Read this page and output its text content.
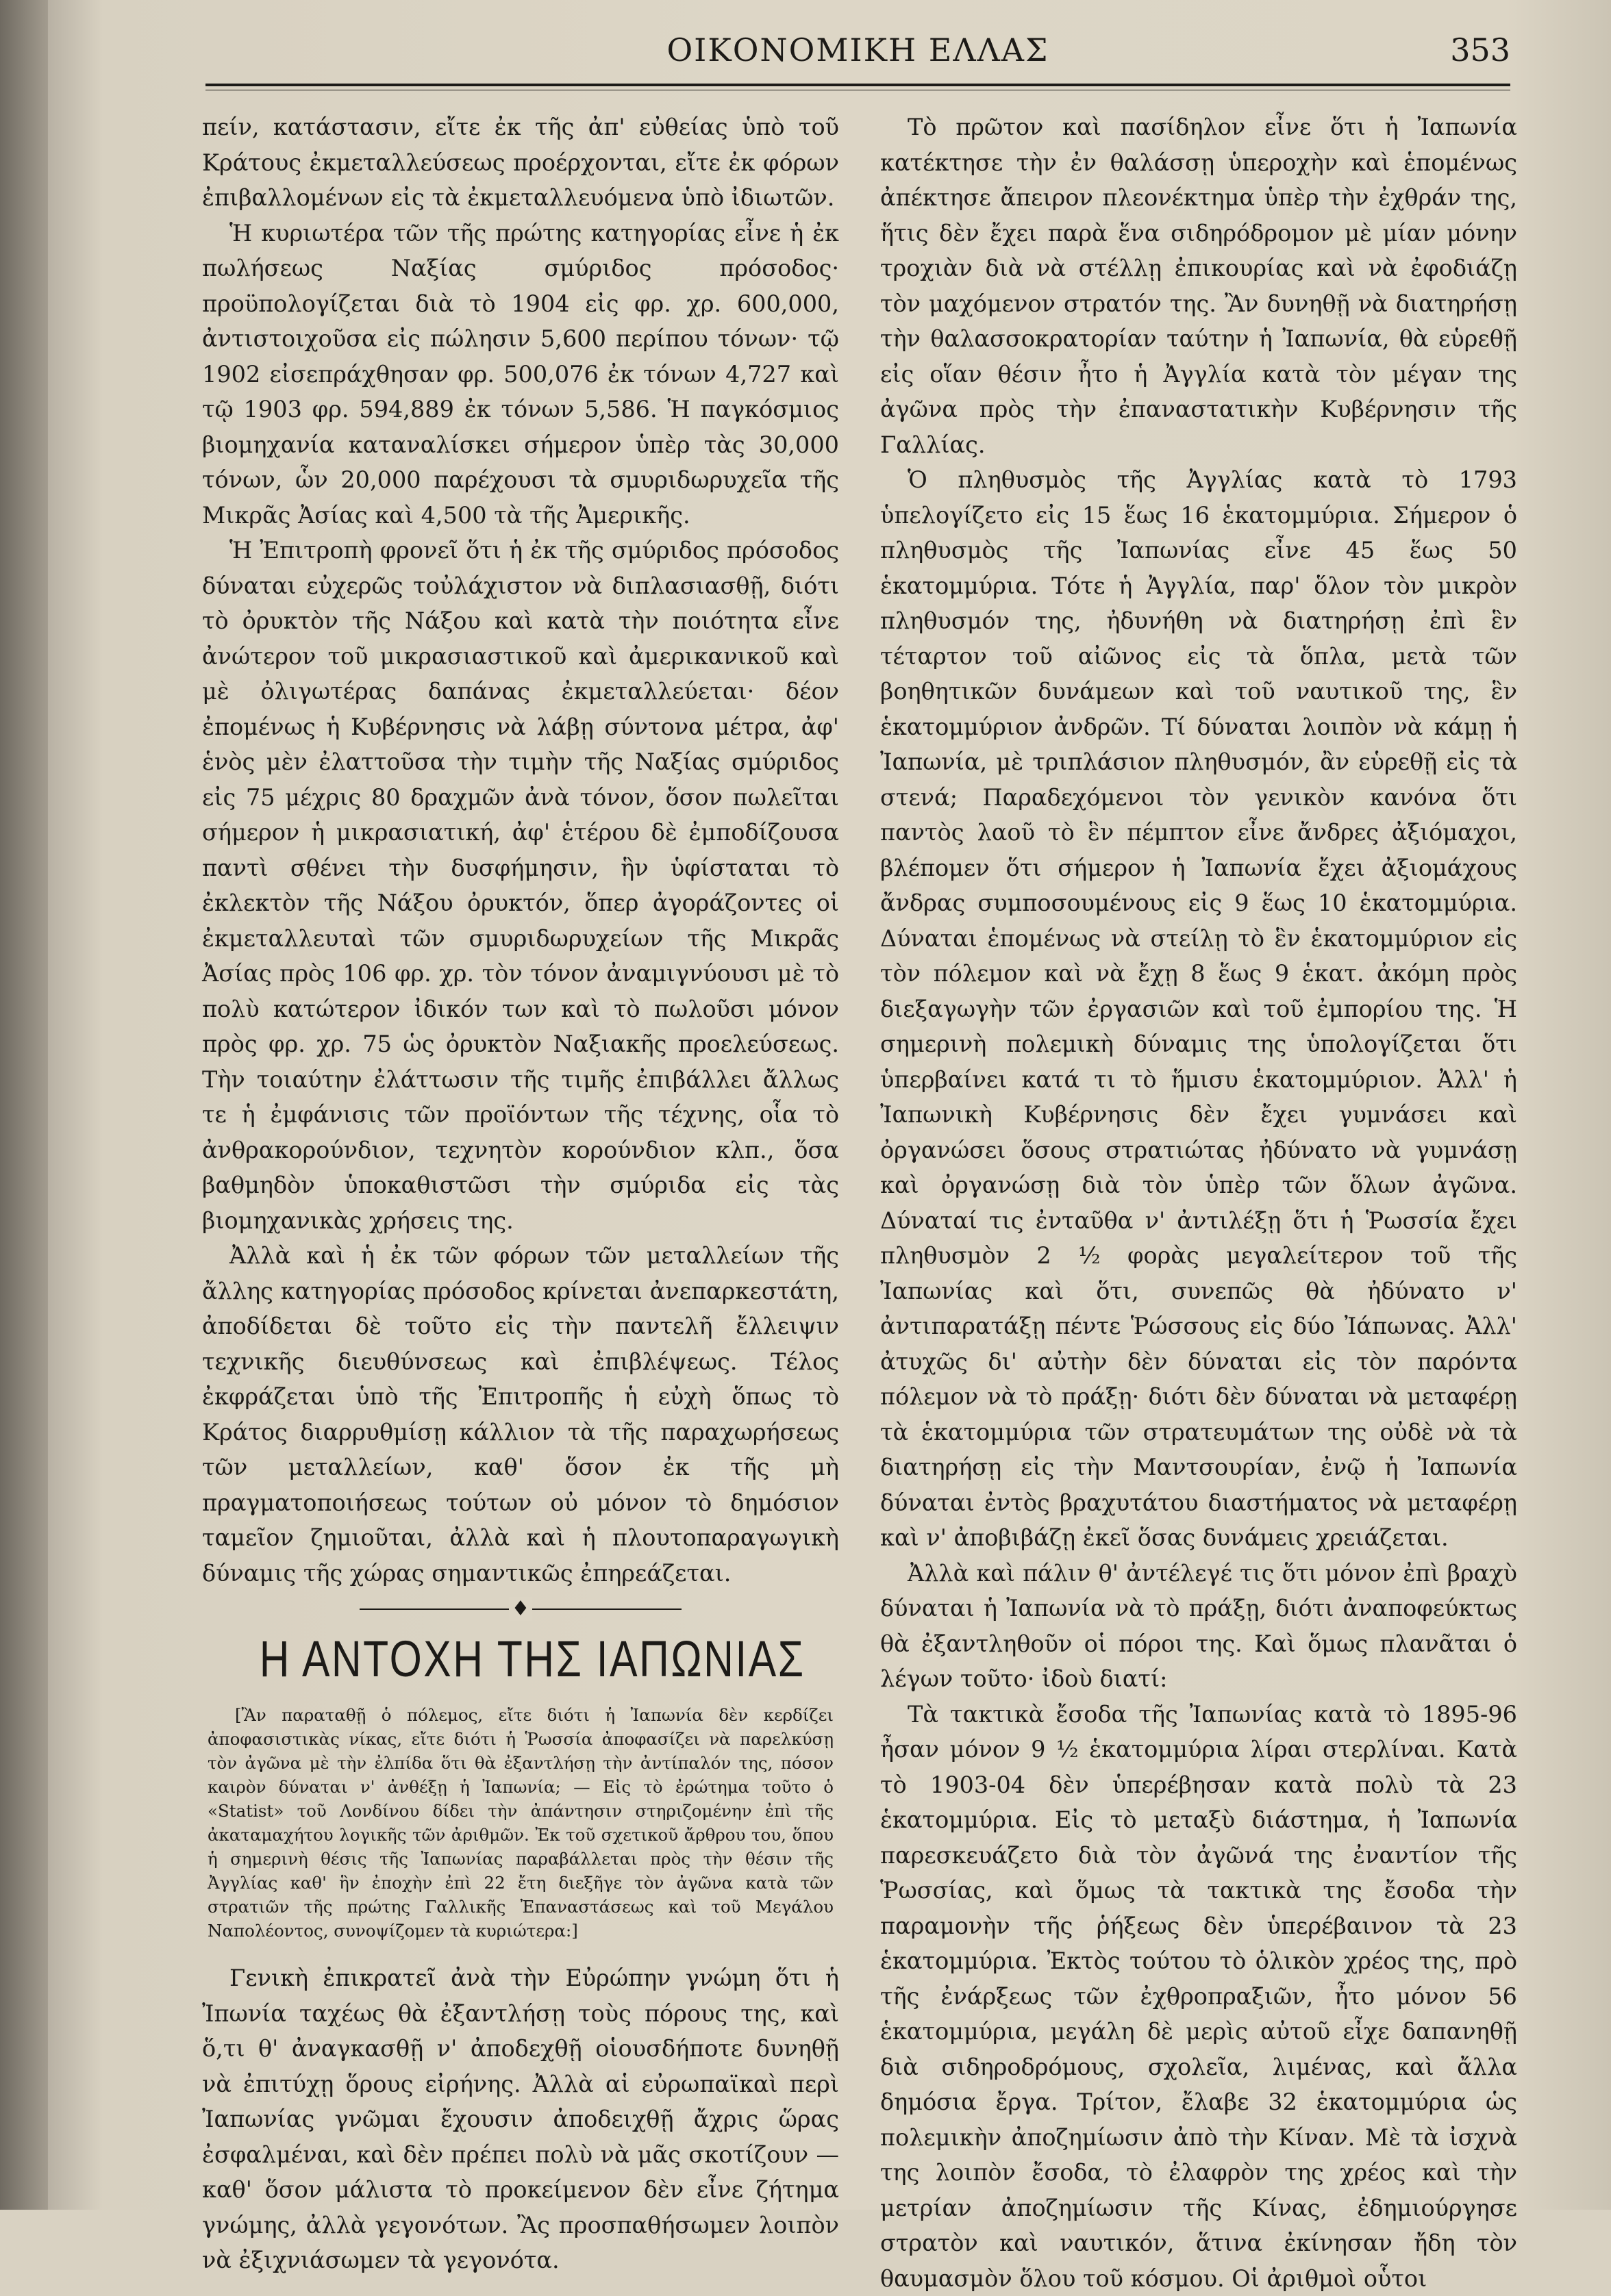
ΟΙΚΟΝΟΜΙΚΗ ΕΛΛΑΣ	353

πείν, κατάστασιν, εἴτε ἐκ τῆς ἀπ' εὐθείας ὑπὸ τοῦ Κράτους ἐκμεταλλεύσεως προέρχονται, εἴτε ἐκ φόρων ἐπιβαλλομένων εἰς τὰ ἐκμεταλλευόμενα ὑπὸ ἰδιωτῶν.

Ἡ κυριωτέρα τῶν τῆς πρώτης κατηγορίας εἶνε ἡ ἐκ πωλήσεως Ναξίας σμύριδος πρόσοδος· προϋπολογίζεται διὰ τὸ 1904 εἰς φρ. χρ. 600,000, ἀντιστοιχοῦσα εἰς πώλησιν 5,600 περίπου τόνων· τῷ 1902 εἰσεπράχθησαν φρ. 500,076 ἐκ τόνων 4,727 καὶ τῷ 1903 φρ. 594,889 ἐκ τόνων 5,586. Ἡ παγκόσμιος βιομηχανία καταναλίσκει σήμερον ὑπὲρ τὰς 30,000 τόνων, ὧν 20,000 παρέχουσι τὰ σμυριδωρυχεῖα τῆς Μικρᾶς Ἀσίας καὶ 4,500 τὰ τῆς Ἀμερικῆς.

Ἡ Ἐπιτροπὴ φρονεῖ ὅτι ἡ ἐκ τῆς σμύριδος πρόσοδος δύναται εὐχερῶς τοὐλάχιστον νὰ διπλασιασθῇ, διότι τὸ ὀρυκτὸν τῆς Νάξου καὶ κατὰ τὴν ποιότητα εἶνε ἀνώτερον τοῦ μικρασιαστικοῦ καὶ ἀμερικανικοῦ καὶ μὲ ὀλιγωτέρας δαπάνας ἐκμεταλλεύεται· δέον ἐπομένως ἡ Κυβέρνησις νὰ λάβῃ σύντονα μέτρα, ἀφ' ἑνὸς μὲν ἐλαττοῦσα τὴν τιμὴν τῆς Ναξίας σμύριδος εἰς 75 μέχρις 80 δραχμῶν ἀνὰ τόνον, ὅσον πωλεῖται σήμερον ἡ μικρασιατική, ἀφ' ἑτέρου δὲ ἐμποδίζουσα παντὶ σθένει τὴν δυσφήμησιν, ἣν ὑφίσταται τὸ ἐκλεκτὸν τῆς Νάξου ὀρυκτόν, ὅπερ ἀγοράζοντες οἱ ἐκμεταλλευταὶ τῶν σμυριδωρυχείων τῆς Μικρᾶς Ἀσίας πρὸς 106 φρ. χρ. τὸν τόνον ἀναμιγνύουσι μὲ τὸ πολὺ κατώτερον ἰδικόν των καὶ τὸ πωλοῦσι μόνον πρὸς φρ. χρ. 75 ὡς ὀρυκτὸν Ναξιακῆς προελεύσεως. Τὴν τοιαύτην ἐλάττωσιν τῆς τιμῆς ἐπιβάλλει ἄλλως τε ἡ ἐμφάνισις τῶν προϊόντων τῆς τέχνης, οἷα τὸ ἀνθρακορούνδιον, τεχνητὸν κορούνδιον κλπ., ὅσα βαθμηδὸν ὑποκαθιστῶσι τὴν σμύριδα εἰς τὰς βιομηχανικὰς χρήσεις της.

Ἀλλὰ καὶ ἡ ἐκ τῶν φόρων τῶν μεταλλείων τῆς ἄλλης κατηγορίας πρόσοδος κρίνεται ἀνεπαρκεστάτη, ἀποδίδεται δὲ τοῦτο εἰς τὴν παντελῆ ἔλλειψιν τεχνικῆς διευθύνσεως καὶ ἐπιβλέψεως. Τέλος ἐκφράζεται ὑπὸ τῆς Ἐπιτροπῆς ἡ εὐχὴ ὅπως τὸ Κράτος διαρρυθμίσῃ κάλλιον τὰ τῆς παραχωρήσεως τῶν μεταλλείων, καθ' ὅσον ἐκ τῆς μὴ πραγματοποιήσεως τούτων οὐ μόνον τὸ δημόσιον ταμεῖον ζημιοῦται, ἀλλὰ καὶ ἡ πλουτοπαραγωγικὴ δύναμις τῆς χώρας σημαντικῶς ἐπηρεάζεται.

♦
Η ΑΝΤΟΧΗ ΤΗΣ ΙΑΠΩΝΙΑΣ

[Ἂν παραταθῇ ὁ πόλεμος, εἴτε διότι ἡ Ἰαπωνία δὲν κερδίζει ἀποφασιστικὰς νίκας, εἴτε διότι ἡ Ῥωσσία ἀποφασίζει νὰ παρελκύσῃ τὸν ἀγῶνα μὲ τὴν ἐλπίδα ὅτι θὰ ἐξαντλήσῃ τὴν ἀντίπαλόν της, πόσον καιρὸν δύναται ν' ἀνθέξῃ ἡ Ἰαπωνία; — Εἰς τὸ ἐρώτημα τοῦτο ὁ «Statist» τοῦ Λονδίνου δίδει τὴν ἀπάντησιν στηριζομένην ἐπὶ τῆς ἀκαταμαχήτου λογικῆς τῶν ἀριθμῶν. Ἐκ τοῦ σχετικοῦ ἄρθρου του, ὅπου ἡ σημερινὴ θέσις τῆς Ἰαπωνίας παραβάλλεται πρὸς τὴν θέσιν τῆς Ἀγγλίας καθ' ἣν ἐποχὴν ἐπὶ 22 ἔτη διεξῆγε τὸν ἀγῶνα κατὰ τῶν στρατιῶν τῆς πρώτης Γαλλικῆς Ἐπαναστάσεως καὶ τοῦ Μεγάλου Ναπολέοντος, συνοψίζομεν τὰ κυριώτερα:]

Γενικὴ ἐπικρατεῖ ἀνὰ τὴν Εὐρώπην γνώμη ὅτι ἡ Ἰπωνία ταχέως θὰ ἐξαντλήσῃ τοὺς πόρους της, καὶ ὅ,τι θ' ἀναγκασθῇ ν' ἀποδεχθῇ οἱουσδήποτε δυνηθῇ νὰ ἐπιτύχῃ ὅρους εἰρήνης. Ἀλλὰ αἱ εὐρωπαϊκαὶ περὶ Ἰαπωνίας γνῶμαι ἔχουσιν ἀποδειχθῇ ἄχρις ὥρας ἐσφαλμέναι, καὶ δὲν πρέπει πολὺ νὰ μᾶς σκοτίζουν — καθ' ὅσον μάλιστα τὸ προκείμενον δὲν εἶνε ζήτημα γνώμης, ἀλλὰ γεγονότων. Ἂς προσπαθήσωμεν λοιπὸν νὰ ἐξιχνιάσωμεν τὰ γεγονότα.

Τὸ πρῶτον καὶ πασίδηλον εἶνε ὅτι ἡ Ἰαπωνία κατέκτησε τὴν ἐν θαλάσσῃ ὑπεροχὴν καὶ ἑπομένως ἀπέκτησε ἄπειρον πλεονέκτημα ὑπὲρ τὴν ἐχθράν της, ἥτις δὲν ἔχει παρὰ ἕνα σιδηρόδρομον μὲ μίαν μόνην τροχιὰν διὰ νὰ στέλλῃ ἐπικουρίας καὶ νὰ ἐφοδιάζῃ τὸν μαχόμενον στρατόν της. Ἂν δυνηθῇ νὰ διατηρήσῃ τὴν θαλασσοκρατορίαν ταύτην ἡ Ἰαπωνία, θὰ εὑρεθῇ εἰς οἵαν θέσιν ἦτο ἡ Ἀγγλία κατὰ τὸν μέγαν της ἀγῶνα πρὸς τὴν ἐπαναστατικὴν Κυβέρνησιν τῆς Γαλλίας.

Ὁ πληθυσμὸς τῆς Ἀγγλίας κατὰ τὸ 1793 ὑπελογίζετο εἰς 15 ἕως 16 ἑκατομμύρια. Σήμερον ὁ πληθυσμὸς τῆς Ἰαπωνίας εἶνε 45 ἕως 50 ἑκατομμύρια. Τότε ἡ Ἀγγλία, παρ' ὅλον τὸν μικρὸν πληθυσμόν της, ἠδυνήθη νὰ διατηρήσῃ ἐπὶ ἓν τέταρτον τοῦ αἰῶνος εἰς τὰ ὅπλα, μετὰ τῶν βοηθητικῶν δυνάμεων καὶ τοῦ ναυτικοῦ της, ἓν ἑκατομμύριον ἀνδρῶν. Τί δύναται λοιπὸν νὰ κάμῃ ἡ Ἰαπωνία, μὲ τριπλάσιον πληθυσμόν, ἂν εὑρεθῇ εἰς τὰ στενά; Παραδεχόμενοι τὸν γενικὸν κανόνα ὅτι παντὸς λαοῦ τὸ ἓν πέμπτον εἶνε ἄνδρες ἀξιόμαχοι, βλέπομεν ὅτι σήμερον ἡ Ἰαπωνία ἔχει ἀξιομάχους ἄνδρας συμποσουμένους εἰς 9 ἕως 10 ἑκατομμύρια. Δύναται ἑπομένως νὰ στείλῃ τὸ ἓν ἑκατομμύριον εἰς τὸν πόλεμον καὶ νὰ ἔχῃ 8 ἕως 9 ἑκατ. ἀκόμη πρὸς διεξαγωγὴν τῶν ἐργασιῶν καὶ τοῦ ἐμπορίου της. Ἡ σημερινὴ πολεμικὴ δύναμις της ὑπολογίζεται ὅτι ὑπερβαίνει κατά τι τὸ ἥμισυ ἑκατομμύριον. Ἀλλ' ἡ Ἰαπωνικὴ Κυβέρνησις δὲν ἔχει γυμνάσει καὶ ὀργανώσει ὅσους στρατιώτας ἠδύνατο νὰ γυμνάσῃ καὶ ὀργανώσῃ διὰ τὸν ὑπὲρ τῶν ὅλων ἀγῶνα. Δύναταί τις ἐνταῦθα ν' ἀντιλέξῃ ὅτι ἡ Ῥωσσία ἔχει πληθυσμὸν 2 ½ φορὰς μεγαλείτερον τοῦ τῆς Ἰαπωνίας καὶ ὅτι, συνεπῶς θὰ ἠδύνατο ν' ἀντιπαρατάξῃ πέντε Ῥώσσους εἰς δύο Ἰάπωνας. Ἀλλ' ἀτυχῶς δι' αὐτὴν δὲν δύναται εἰς τὸν παρόντα πόλεμον νὰ τὸ πράξῃ· διότι δὲν δύναται νὰ μεταφέρῃ τὰ ἑκατομμύρια τῶν στρατευμάτων της οὐδὲ νὰ τὰ διατηρήσῃ εἰς τὴν Μαντσουρίαν, ἐνῷ ἡ Ἰαπωνία δύναται ἐντὸς βραχυτάτου διαστήματος νὰ μεταφέρῃ καὶ ν' ἀποβιβάζῃ ἐκεῖ ὅσας δυνάμεις χρειάζεται.

Ἀλλὰ καὶ πάλιν θ' ἀντέλεγέ τις ὅτι μόνον ἐπὶ βραχὺ δύναται ἡ Ἰαπωνία νὰ τὸ πράξῃ, διότι ἀναποφεύκτως θὰ ἐξαντληθοῦν οἱ πόροι της. Καὶ ὅμως πλανᾶται ὁ λέγων τοῦτο· ἰδοὺ διατί:

Τὰ τακτικὰ ἔσοδα τῆς Ἰαπωνίας κατὰ τὸ 1895-96 ἦσαν μόνον 9 ½ ἑκατομμύρια λίραι στερλίναι. Κατὰ τὸ 1903-04 δὲν ὑπερέβησαν κατὰ πολὺ τὰ 23 ἑκατομμύρια. Εἰς τὸ μεταξὺ διάστημα, ἡ Ἰαπωνία παρεσκευάζετο διὰ τὸν ἀγῶνά της ἐναντίον τῆς Ῥωσσίας, καὶ ὅμως τὰ τακτικὰ της ἔσοδα τὴν παραμονὴν τῆς ῥήξεως δὲν ὑπερέβαινον τὰ 23 ἑκατομμύρια. Ἐκτὸς τούτου τὸ ὁλικὸν χρέος της, πρὸ τῆς ἐνάρξεως τῶν ἐχθροπραξιῶν, ἦτο μόνον 56 ἑκατομμύρια, μεγάλη δὲ μερὶς αὐτοῦ εἶχε δαπανηθῇ διὰ σιδηροδρόμους, σχολεῖα, λιμένας, καὶ ἄλλα δημόσια ἔργα. Τρίτον, ἔλαβε 32 ἑκατομμύρια ὡς πολεμικὴν ἀποζημίωσιν ἀπὸ τὴν Κίναν. Μὲ τὰ ἰσχνὰ της λοιπὸν ἔσοδα, τὸ ἐλαφρὸν της χρέος καὶ τὴν μετρίαν ἀποζημίωσιν τῆς Κίνας, ἐδημιούργησε στρατὸν καὶ ναυτικόν, ἅτινα ἐκίνησαν ἤδη τὸν θαυμασμὸν ὅλου τοῦ κόσμου. Οἱ ἀριθμοὶ οὗτοι
